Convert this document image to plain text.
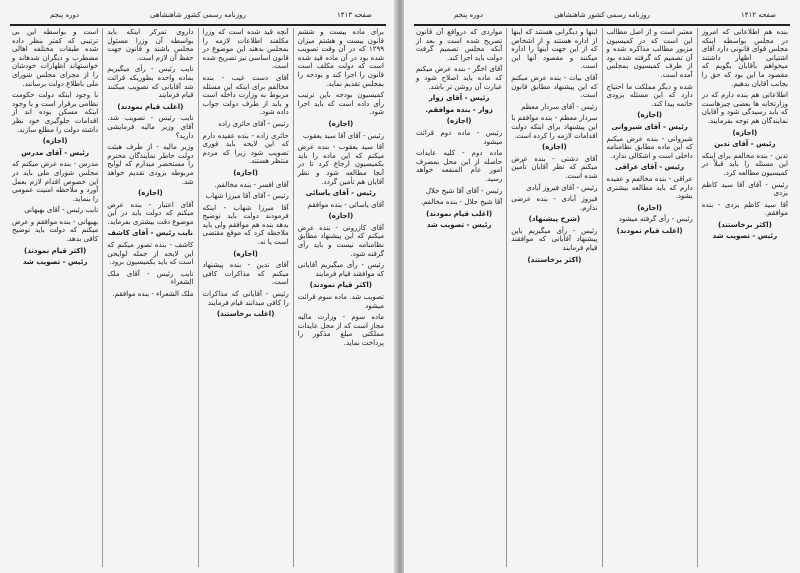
صفحه ۱۴۱۳
روزنامه رسمی کشور شاهنشاهی
دوره پنجم

برای ماده بیست و ششم قانون بیست و هشتم میزان ۱۲۹۹ که در آن وقت تصویب شده بود در آن ماده قید شده است که دولت مکلف است قانون را اجرا کند و بودجه را بمجلس تقدیم نماید.

کمیسیون بودجه باین ترتیب رأی داده است که باید اجرا شود.

(اجازه)

رئیس - آقای آقا سید یعقوب

آقا سید یعقوب - بنده عرض میکنم که این ماده را باید بکمیسیون ارجاع کرد تا در آنجا مطالعه شود و نظر آقایان هم تأمین گردد.

رئیس - آقای یاسائی

آقای یاسائی - بنده موافقم

(اجازه)

آقای کازرونی - بنده عرض میکنم که این پیشنهاد مطابق نظامنامه نیست و باید رأی گرفته شود.

رئیس - رأی میگیریم آقایانی که موافقند قیام فرمایند

(اکثر قیام نمودند)

تصویب شد. ماده سوم قرائت میشود

ماده سوم - وزارت مالیه مجاز است که از محل عایدات مملکتی مبلغ مذکور را پرداخت نماید.

آنچه قید شده است که وزرا مکلفند اطلاعات لازمه را بمجلس بدهند این موضوع در قانون اساسی نیز تصریح شده است.

آقای دست غیب - بنده مخالفم برای اینکه این مسئله مربوط به وزارت داخله است و باید از طرف دولت جواب داده شود.

رئیس - آقای حائری زاده

حائری زاده - بنده عقیده دارم که این لایحه باید فوری تصویب شود زیرا که مردم منتظر هستند.

(اجازه)

آقای افسر - بنده مخالفم.

رئیس - آقای آقا میرزا شهاب

آقا میرزا شهاب - اینکه فرمودند دولت باید توضیح بدهد بنده هم موافقم ولی باید ملاحظه کرد که موقع مقتضی است یا نه.

(اجازه)

آقای تدین - بنده پیشنهاد میکنم که مذاکرات کافی است.

رئیس - آقایانی که مذاکرات را کافی میدانند قیام فرمایند

(اغلب برخاستند)

داروی تمرکز اینکه باید بواسطه آن وزرا مسئول مجلس باشند و قانون جهت حفظ آن لازم است.

نایب رئیس - رأی میگیریم بماده واحده بطوریکه قرائت شد آقایانی که تصویب میکنند قیام فرمایند

(اغلب قیام نمودند)

نایب رئیس - تصویب شد. آقای وزیر مالیه فرمایشی دارید؟

وزیر مالیه - از طرف هیئت دولت خاطر نمایندگان محترم را مستحضر میدارم که لوایح مربوطه بزودی تقدیم خواهد شد.

(اجازه)

آقای اعتبار - بنده عرض میکنم که دولت باید در این موضوع دقت بیشتری بفرماید.

نایب رئیس - آقای کاشف

کاشف - بنده تصور میکنم که این لایحه از جمله لوایحی است که باید بکمیسیون برود.

نایب رئیس - آقای ملک الشعراء

ملک الشعراء - بنده موافقم.

است و بواسطه این بی ترتیبی که کمتر بنظر داده شده طبقات مختلفه اهالی مضطرب و دیگران شدهاند و خواستهاند اظهارات خودشان را از مجرای مجلس شورای ملی باطلاع دولت برسانند.

با وجود اینکه دولت حکومت نظامی برقرار است و با وجود اینکه مسکن بوده اند از اقدامات جلوگیری خود نظر داشته دولت را مطلع سازند.

(اجازه)

رئیس - آقای مدرس

مدرس - بنده عرض میکنم که مجلس شورای ملی باید در این خصوص اقدام لازم بعمل آورد و ملاحظه امنیت عمومی را بنماید.

نایب رئیس - آقای بهبهانی

بهبهانی - بنده موافقم و عرض میکنم که دولت باید توضیح کافی بدهد.

(اکثر قیام نمودند)

رئیس - تصویب شد

صفحه ۱۴۱۲
روزنامه رسمی کشور شاهنشاهی
دوره پنجم

بنده هم اطلاعاتی که امروز در مجلس بواسطه اینکه مجلس قوای قانونی دارد آقای اشتیانی اظهار داشتند میخواهم بآقایان بگویم که مقصود ما این بود که حق را بجانب آقایان بدهیم.

اطلاعاتی هم بنده دارم که در وزارتخانه ها بعضی چیزهاست که باید رسیدگی شود و آقایان نمایندگان هم توجه بفرمایند.

(اجازه)

رئیس - آقای تدین

تدین - بنده مخالفم برای اینکه این مسئله را باید قبلاً در کمیسیون مطالعه کرد.

رئیس - آقای آقا سید کاظم یزدی

آقا سید کاظم یزدی - بنده موافقم.

(اکثر برخاستند)

رئیس - تصویب شد

معتبر است و از اصل مطالب این است که در کمیسیون مزبور مطالب مذاکره شده و آن تصمیم که گرفته شده بود از طرف کمیسیون بمجلس آمده است.

شده و دیگر مملکت ما احتیاج دارد که این مسئله بزودی خاتمه پیدا کند.

(اجازه)

رئیس - آقای شیروانی

شیروانی - بنده عرض میکنم که این ماده مطابق نظامنامه داخلی است و اشکالی ندارد.

رئیس - آقای عراقی

عراقی - بنده مخالفم و عقیده دارم که باید مطالعه بیشتری بشود.

(اجازه)

رئیس - رأی گرفته میشود

(اغلب قیام نمودند)

اینها و دیگرانی هستند که اینها از اداره هستند و از اشخاص که از این جهت اینها را اداره میکنند و مقصود آنها این است.

آقای بیات - بنده عرض میکنم که این پیشنهاد مطابق قانون است.

رئیس - آقای سردار معظم

سردار معظم - بنده موافقم با این پیشنهاد برای اینکه دولت اقدامات لازمه را کرده است.

(اجازه)

آقای دشتی - بنده عرض میکنم که نظر آقایان تأمین شده است.

رئیس - آقای فیروز آبادی

فیروز آبادی - بنده عرضی ندارم.

(شرح پیشنهاد)

رئیس - رأی میگیریم باین پیشنهاد آقایانی که موافقند قیام فرمایند

(اکثر برخاستند)

مواردی که درواقع آن قانون تصریح شده است و بعد از آنکه مجلس تصمیم گرفت دولت باید اجرا کند.

آقای اخگر - بنده عرض میکنم که ماده باید اصلاح شود و عبارت آن روشن تر باشد.

رئیس - آقای زوار

زوار - بنده موافقم.

(اجازه)

رئیس - ماده دوم قرائت میشود

ماده دوم - کلیه عایدات حاصله از این محل بمصرف امور عام المنفعه خواهد رسید.

رئیس - آقای آقا شیخ جلال

آقا شیخ جلال - بنده مخالفم.

(اغلب قیام نمودند)

رئیس - تصویب شد
